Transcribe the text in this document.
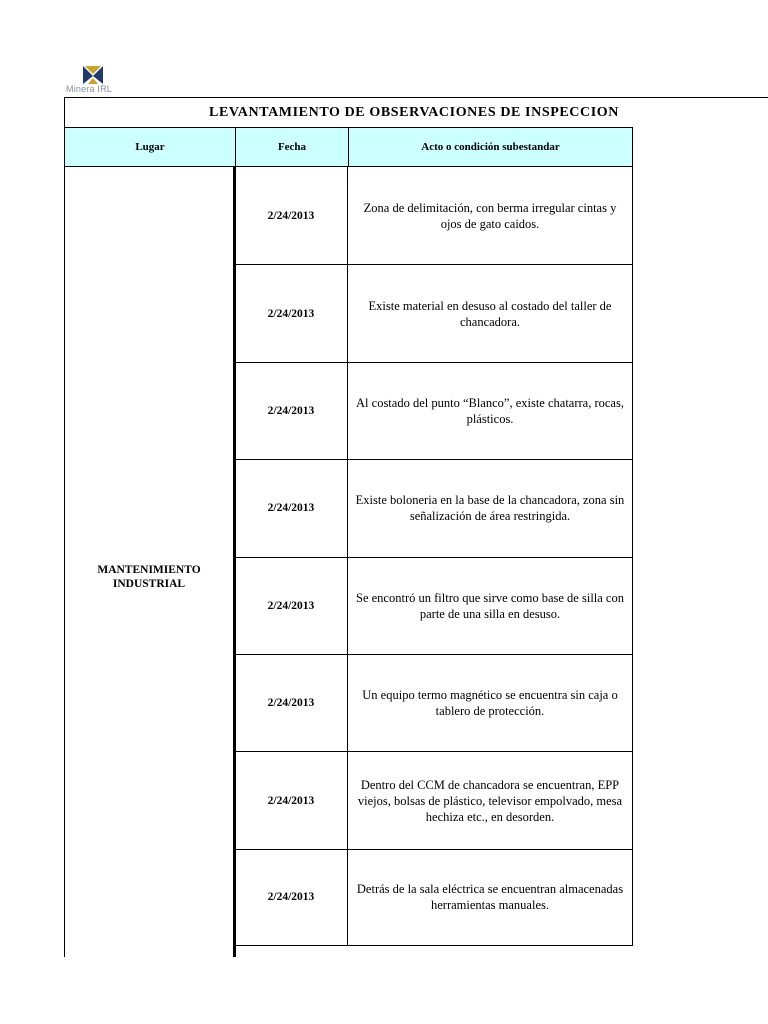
Minera IRL
LEVANTAMIENTO DE OBSERVACIONES DE INSPECCION
Lugar	Fecha	Acto o condición subestandar
MANTENIMIENTO INDUSTRIAL
2/24/2013
Zona de delimitación, con berma irregular cintas y ojos de gato caidos.
2/24/2013
Existe material en desuso al costado del taller de chancadora.
2/24/2013
Al costado del punto “Blanco”, existe chatarra, rocas, plásticos.
2/24/2013
Existe boloneria en la base de la chancadora, zona sin señalización de área restringida.
2/24/2013
Se encontró un filtro que sirve como base de silla con parte de una silla en desuso.
2/24/2013
Un equipo termo magnético se encuentra sin caja o tablero de protección.
2/24/2013
Dentro del CCM de chancadora se encuentran, EPP viejos, bolsas de plástico, televisor empolvado, mesa hechiza etc., en desorden.
2/24/2013
Detrás de la sala eléctrica se encuentran almacenadas herramientas manuales.
